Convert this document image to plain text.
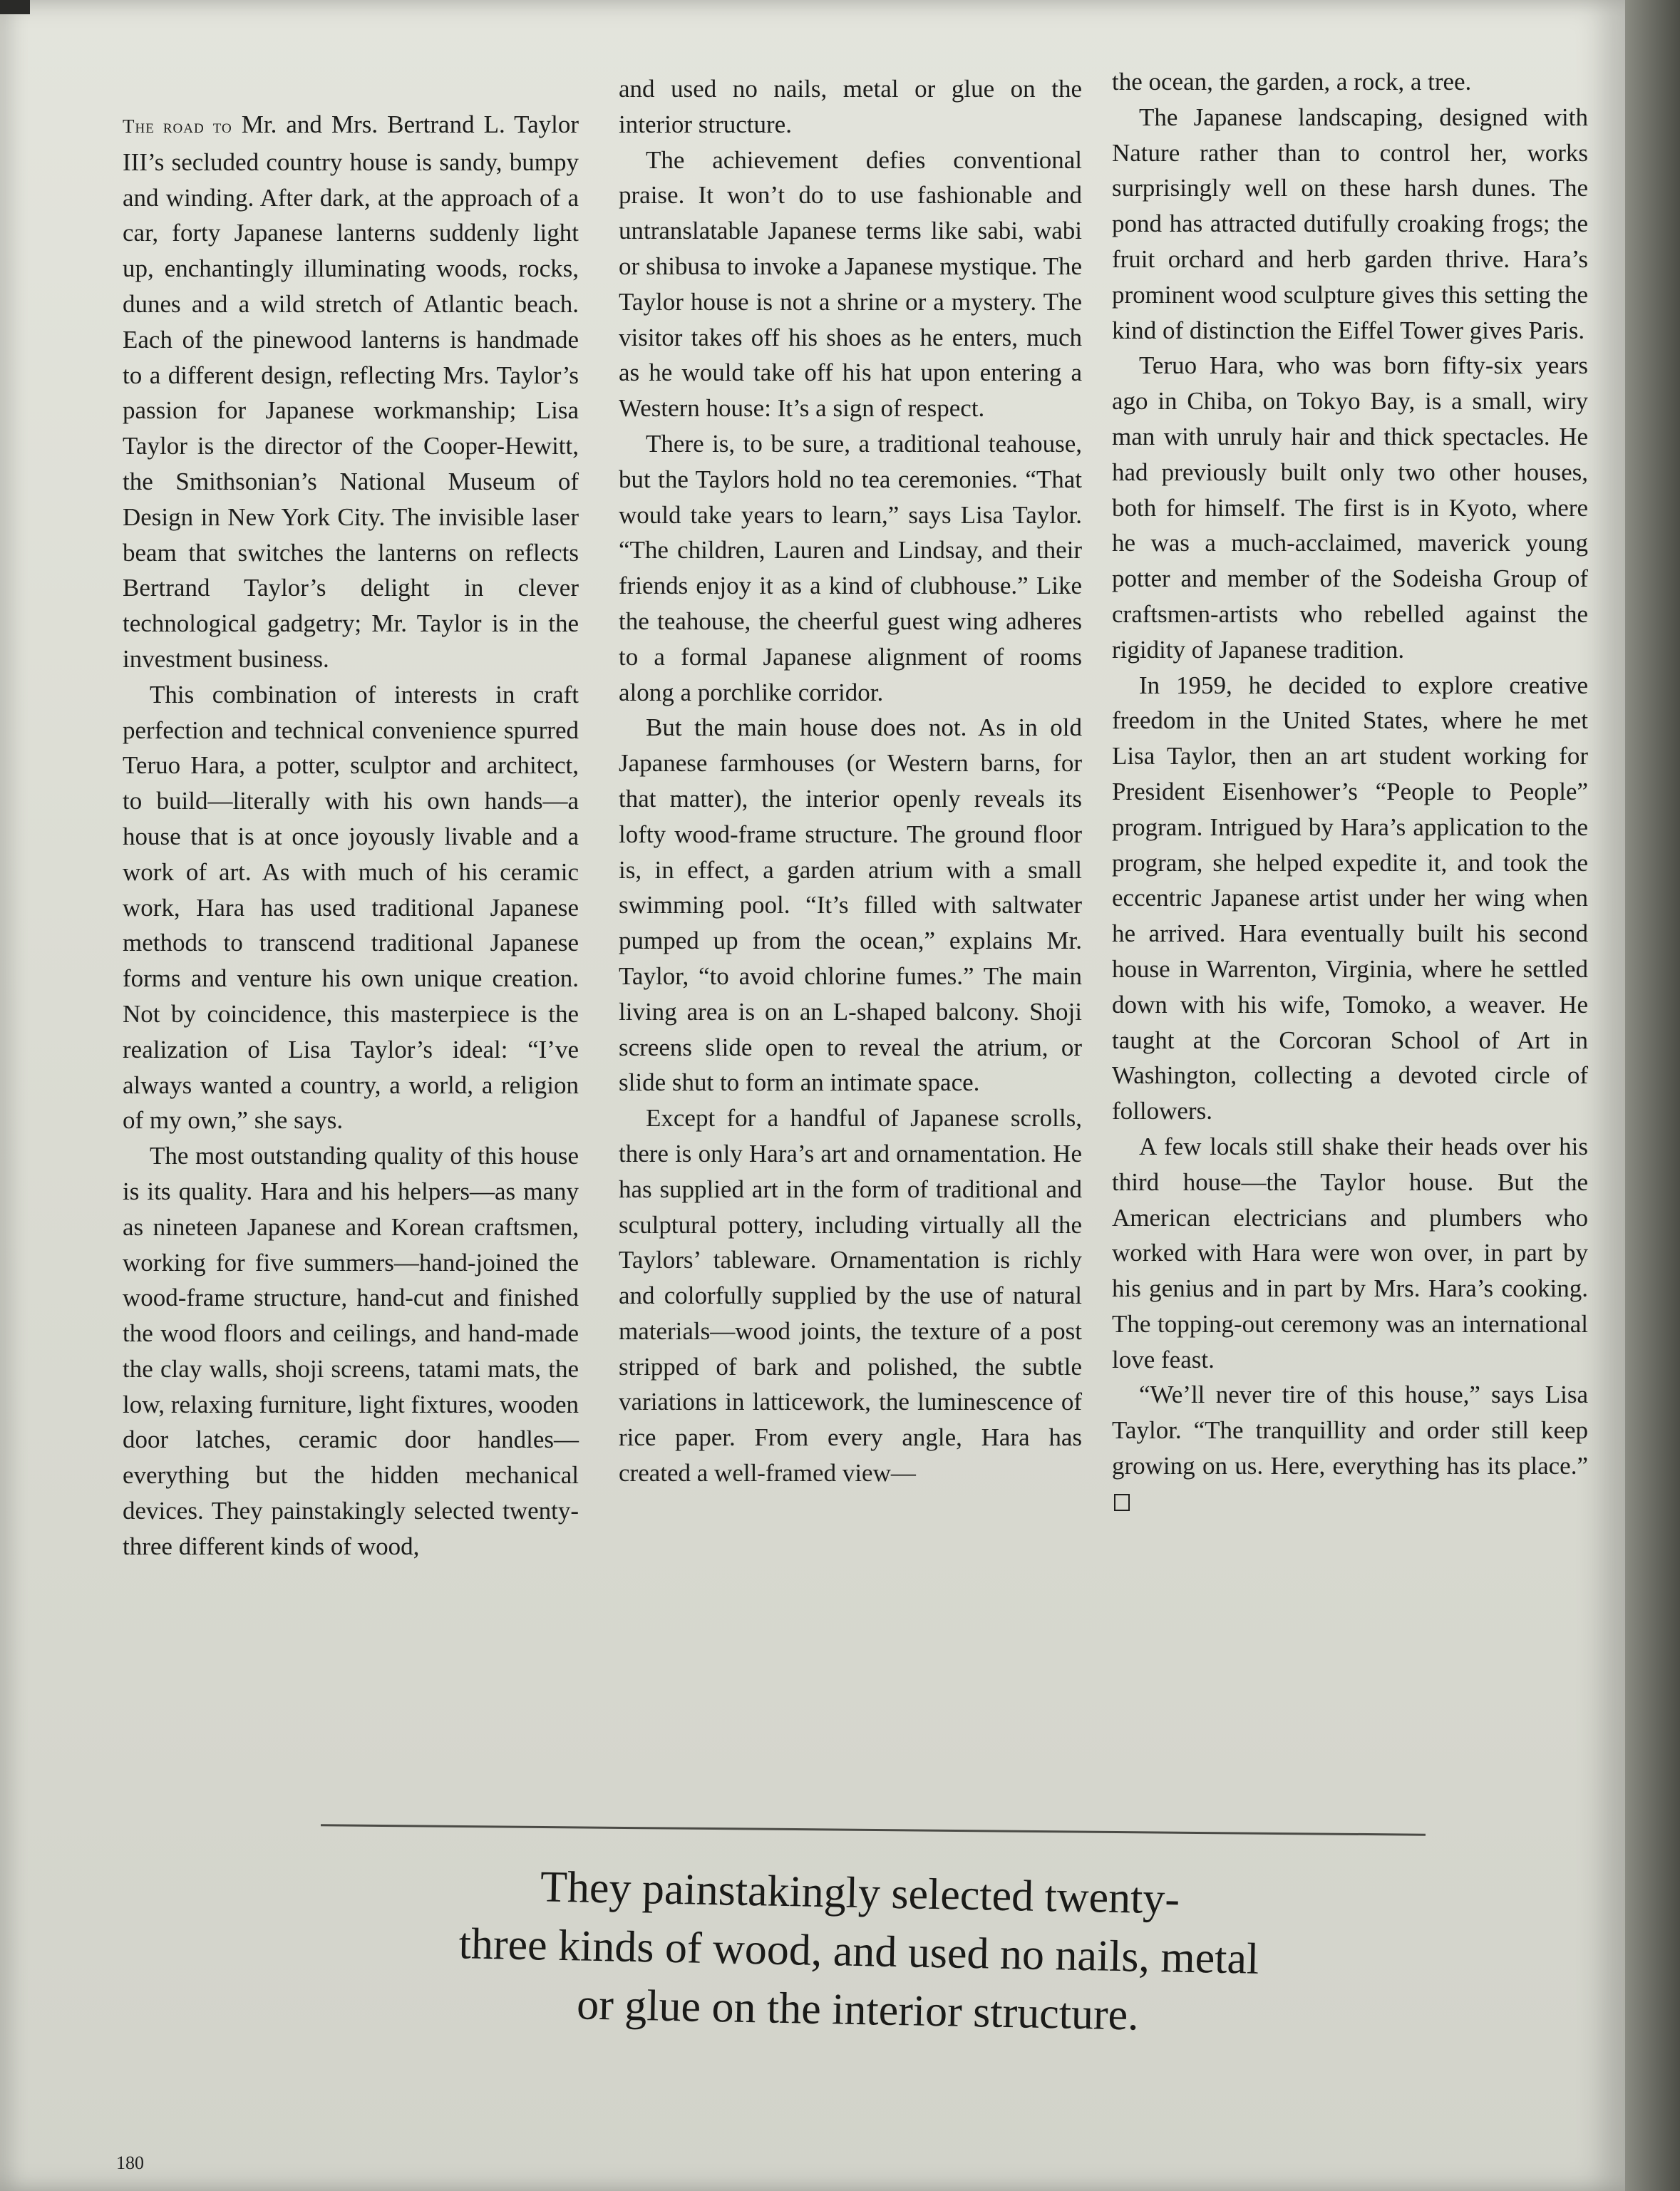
The road to Mr. and Mrs. Bertrand L. Taylor III’s secluded country house is sandy, bumpy and winding. After dark, at the approach of a car, forty Japanese lanterns suddenly light up, enchantingly illuminating woods, rocks, dunes and a wild stretch of Atlantic beach. Each of the pinewood lanterns is handmade to a different design, reflecting Mrs. Taylor’s passion for Japanese workmanship; Lisa Taylor is the director of the Cooper-Hewitt, the Smithsonian’s National Museum of Design in New York City. The invisible laser beam that switches the lanterns on reflects Bertrand Taylor’s delight in clever technological gadgetry; Mr. Taylor is in the investment business.

This combination of interests in craft perfection and technical convenience spurred Teruo Hara, a potter, sculptor and architect, to build—literally with his own hands—a house that is at once joyously livable and a work of art. As with much of his ceramic work, Hara has used traditional Japanese methods to transcend traditional Japanese forms and venture his own unique creation. Not by coincidence, this masterpiece is the realization of Lisa Taylor’s ideal: “I’ve always wanted a country, a world, a religion of my own,” she says.

The most outstanding quality of this house is its quality. Hara and his helpers—as many as nineteen Japanese and Korean craftsmen, working for five summers—hand-joined the wood-frame structure, hand-cut and finished the wood floors and ceilings, and hand-made the clay walls, shoji screens, tatami mats, the low, relaxing furniture, light fixtures, wooden door latches, ceramic door handles—everything but the hidden mechanical devices. They painstakingly selected twenty-three different kinds of wood,

and used no nails, metal or glue on the interior structure.

The achievement defies conventional praise. It won’t do to use fashionable and untranslatable Japanese terms like sabi, wabi or shibusa to invoke a Japanese mystique. The Taylor house is not a shrine or a mystery. The visitor takes off his shoes as he enters, much as he would take off his hat upon entering a Western house: It’s a sign of respect.

There is, to be sure, a traditional teahouse, but the Taylors hold no tea ceremonies. “That would take years to learn,” says Lisa Taylor. “The children, Lauren and Lindsay, and their friends enjoy it as a kind of clubhouse.” Like the teahouse, the cheerful guest wing adheres to a formal Japanese alignment of rooms along a porchlike corridor.

But the main house does not. As in old Japanese farmhouses (or Western barns, for that matter), the interior openly reveals its lofty wood-frame structure. The ground floor is, in effect, a garden atrium with a small swimming pool. “It’s filled with saltwater pumped up from the ocean,” explains Mr. Taylor, “to avoid chlorine fumes.” The main living area is on an L-shaped balcony. Shoji screens slide open to reveal the atrium, or slide shut to form an intimate space.

Except for a handful of Japanese scrolls, there is only Hara’s art and ornamentation. He has supplied art in the form of traditional and sculptural pottery, including virtually all the Taylors’ tableware. Ornamentation is richly and colorfully supplied by the use of natural materials—wood joints, the texture of a post stripped of bark and polished, the subtle variations in latticework, the luminescence of rice paper. From every angle, Hara has created a well-framed view—

the ocean, the garden, a rock, a tree.

The Japanese landscaping, designed with Nature rather than to control her, works surprisingly well on these harsh dunes. The pond has attracted dutifully croaking frogs; the fruit orchard and herb garden thrive. Hara’s prominent wood sculpture gives this setting the kind of distinction the Eiffel Tower gives Paris.

Teruo Hara, who was born fifty-six years ago in Chiba, on Tokyo Bay, is a small, wiry man with unruly hair and thick spectacles. He had previously built only two other houses, both for himself. The first is in Kyoto, where he was a much-acclaimed, maverick young potter and member of the Sodeisha Group of craftsmen-artists who rebelled against the rigidity of Japanese tradition.

In 1959, he decided to explore creative freedom in the United States, where he met Lisa Taylor, then an art student working for President Eisenhower’s “People to People” program. Intrigued by Hara’s application to the program, she helped expedite it, and took the eccentric Japanese artist under her wing when he arrived. Hara eventually built his second house in Warrenton, Virginia, where he settled down with his wife, Tomoko, a weaver. He taught at the Corcoran School of Art in Washington, collecting a devoted circle of followers.

A few locals still shake their heads over his third house—the Taylor house. But the American electricians and plumbers who worked with Hara were won over, in part by his genius and in part by Mrs. Hara’s cooking. The topping-out ceremony was an international love feast.

“We’ll never tire of this house,” says Lisa Taylor. “The tranquillity and order still keep growing on us. Here, everything has its place.”

They painstakingly selected twenty-
three kinds of wood, and used no nails, metal
or glue on the interior structure.
180
